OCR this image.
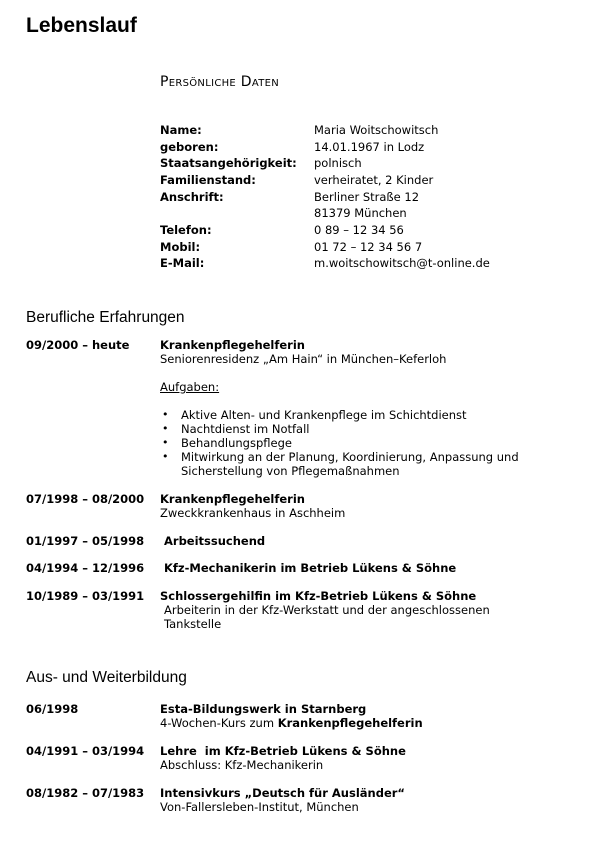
Lebenslauf
Persönliche Daten
Name:	Maria Woitschowitsch
geboren:	14.01.1967 in Lodz
Staatsangehörigkeit: polnisch
Familienstand:	verheiratet, 2 Kinder
Anschrift:	Berliner Straße 12
81379 München
Telefon:	0 89 – 12 34 56
Mobil:	01 72 – 12 34 56 7
E-Mail:	m.woitschowitsch@t-online.de
Berufliche Erfahrungen
09/2000 – heute	Krankenpflegehelferin
Seniorenresidenz „Am Hain“ in München–Keferloh
Aufgaben:
• Aktive Alten- und Krankenpflege im Schichtdienst
• Nachtdienst im Notfall
• Behandlungspflege
• Mitwirkung an der Planung, Koordinierung, Anpassung und
Sicherstellung von Pflegemaßnahmen
07/1998 – 08/2000 Krankenpflegehelferin
Zweckkrankenhaus in Aschheim
01/1997 – 05/1998 Arbeitssuchend
04/1994 – 12/1996 Kfz-Mechanikerin im Betrieb Lükens & Söhne
10/1989 – 03/1991 Schlossergehilfin im Kfz-Betrieb Lükens & Söhne
Arbeiterin in der Kfz-Werkstatt und der angeschlossenen
Tankstelle
Aus- und Weiterbildung
06/1998	Esta-Bildungswerk in Starnberg
4-Wochen-Kurs zum Krankenpflegehelferin
04/1991 – 03/1994 Lehre  im Kfz-Betrieb Lükens & Söhne
Abschluss: Kfz-Mechanikerin
08/1982 – 07/1983 Intensivkurs „Deutsch für Ausländer“
Von-Fallersleben-Institut, München
